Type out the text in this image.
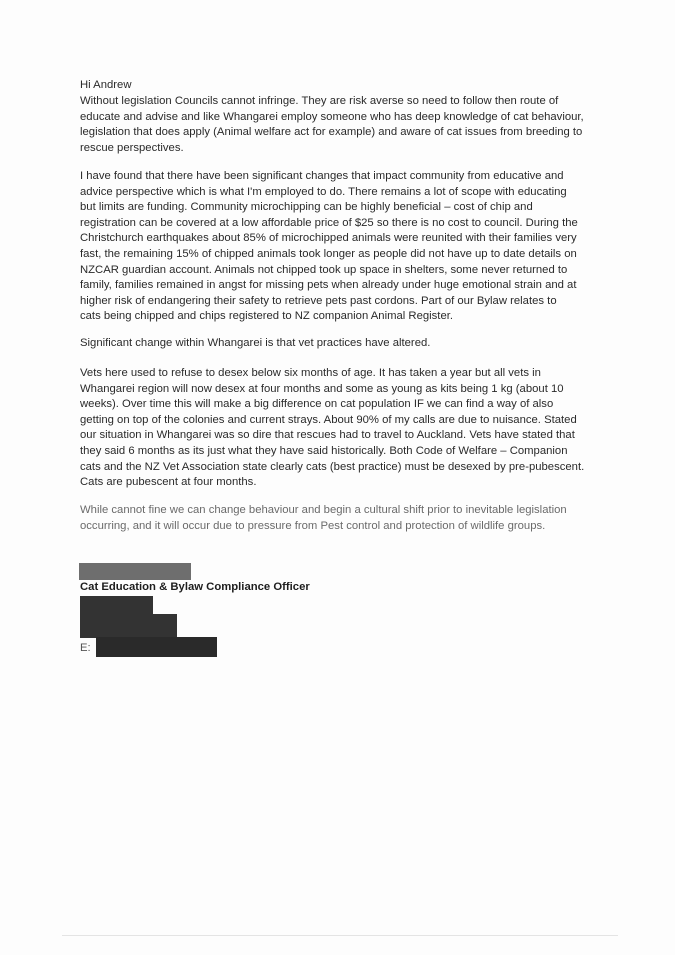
Hi Andrew
Without legislation Councils cannot infringe. They are risk averse so need to follow then route of
educate and advise and like Whangarei employ someone who has deep knowledge of cat behaviour,
legislation that does apply (Animal welfare act for example) and aware of cat issues from breeding to
rescue perspectives.
I have found that there have been significant changes that impact community from educative and
advice perspective which is what I'm employed to do. There remains a lot of scope with educating
but limits are funding. Community microchipping can be highly beneficial – cost of chip and
registration can be covered at a low affordable price of $25 so there is no cost to council. During the
Christchurch earthquakes about 85% of microchipped animals were reunited with their families very
fast, the remaining 15% of chipped animals took longer as people did not have up to date details on
NZCAR guardian account. Animals not chipped took up space in shelters, some never returned to
family, families remained in angst for missing pets when already under huge emotional strain and at
higher risk of endangering their safety to retrieve pets past cordons. Part of our Bylaw relates to
cats being chipped and chips registered to NZ companion Animal Register.
Significant change within Whangarei is that vet practices have altered.
Vets here used to refuse to desex below six months of age. It has taken a year but all vets in
Whangarei region will now desex at four months and some as young as kits being 1 kg (about 10
weeks). Over time this will make a big difference on cat population IF we can find a way of also
getting on top of the colonies and current strays. About 90% of my calls are due to nuisance. Stated
our situation in Whangarei was so dire that rescues had to travel to Auckland. Vets have stated that
they said 6 months as its just what they have said historically. Both Code of Welfare – Companion
cats and the NZ Vet Association state clearly cats (best practice) must be desexed by pre-pubescent.
Cats are pubescent at four months.
While cannot fine we can change behaviour and begin a cultural shift prior to inevitable legislation
occurring, and it will occur due to pressure from Pest control and protection of wildlife groups.
Cat Education & Bylaw Compliance Officer
E:
